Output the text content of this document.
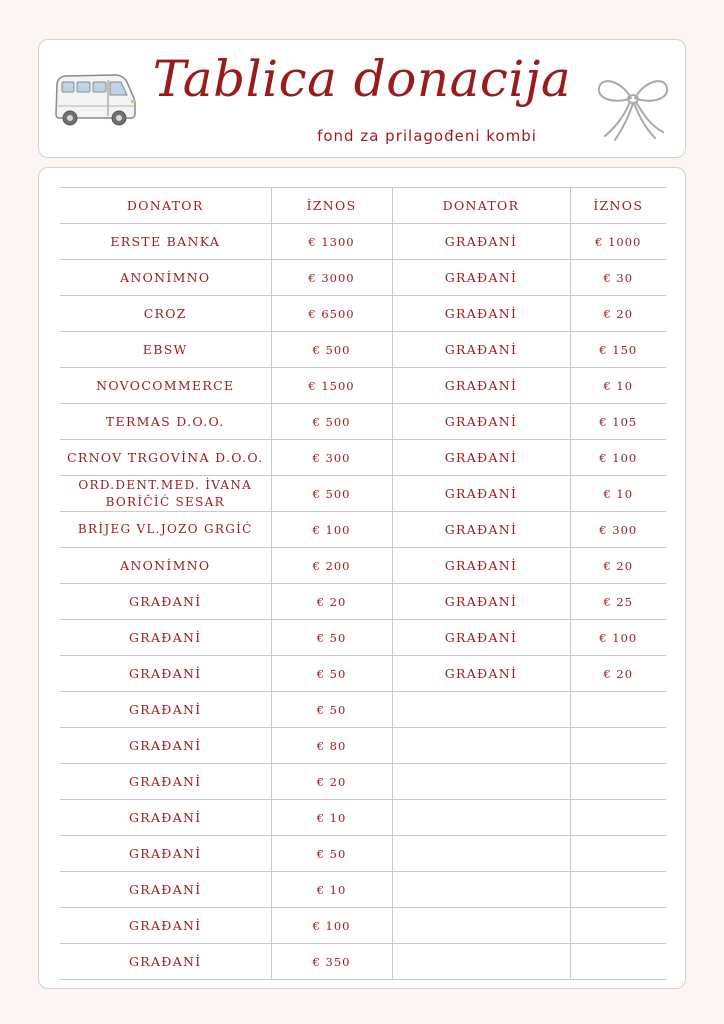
Tablica donacija
fond za prilagođeni kombi
DONATOR	İZNOS	DONATOR	İZNOS
ERSTE BANKA	€ 1300	GRAĐANİ	€ 1000
ANONİMNO	€ 3000	GRAĐANİ	€ 30
CROZ	€ 6500	GRAĐANİ	€ 20
EBSW	€ 500	GRAĐANİ	€ 150
NOVOCOMMERCE	€ 1500	GRAĐANİ	€ 10
TERMAS D.O.O.	€ 500	GRAĐANİ	€ 105
CRNOV TRGOVİNA D.O.O.	€ 300	GRAĐANİ	€ 100
ORD.DENT.MED. İVANA BORİČİĆ SESAR	€ 500	GRAĐANİ	€ 10
BRİJEG VL.JOZO GRGİĆ	€ 100	GRAĐANİ	€ 300
ANONİMNO	€ 200	GRAĐANİ	€ 20
GRAĐANİ	€ 20	GRAĐANİ	€ 25
GRAĐANİ	€ 50	GRAĐANİ	€ 100
GRAĐANİ	€ 50	GRAĐANİ	€ 20
GRAĐANİ	€ 50		
GRAĐANİ	€ 80		
GRAĐANİ	€ 20		
GRAĐANİ	€ 10		
GRAĐANİ	€ 50		
GRAĐANİ	€ 10		
GRAĐANİ	€ 100		
GRAĐANİ	€ 350		
